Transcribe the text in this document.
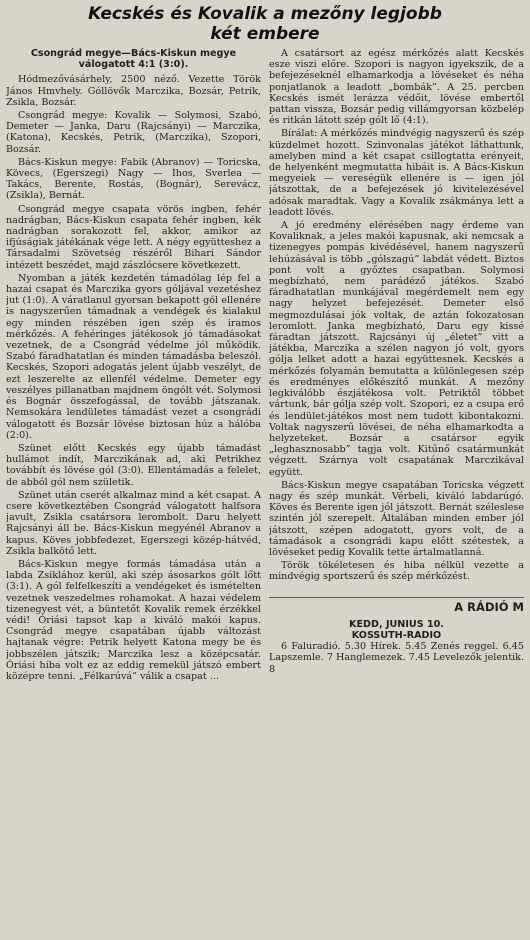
Kecskés és Kovalik a mezőny legjobb
két embere
Csongrád megye—Bács-Kiskun megye
válogatott 4:1 (3:0).

Hódmezővásárhely, 2500 néző. Vezette Török János Hmvhely. Góllövők Marczika, Bozsár, Petrik, Zsikla, Bozsár.

Csongrád megye: Kovalik — Solymosi, Szabó, Demeter — Janka, Daru (Rajcsányi) — Marczika, (Katona), Kecskés, Petrik, (Marczika), Szopori, Bozsár.

Bács-Kiskun megye: Fabik (Abranov) — Toricska, Kövecs, (Egerszegi) Nagy — Ihos, Sverlea — Takács, Berente, Rostás, (Bognár), Serevácz, (Zsikla), Bernát.

Csongrád megye csapata vörös ingben, fehér nadrágban, Bács-Kiskun csapata fehér ingben, kék nadrágban sorakozott fel, akkor, amikor az ifjúságiak játékának vége lett. A négy együtteshez a Társadalmi Szövetség részéről Bihari Sándor intézett beszédet, majd zászlócsere következett.

Nyomban a játék kezdetén támadólag lép fel a hazai csapat és Marczika gyors góljával vezetéshez jut (1:0). A váratlanul gyorsan bekapott gól ellenére is nagyszerűen támadnak a vendégek és kialakul egy minden részében igen szép és iramos mérkőzés. A fehéringes játékosok jó támadásokat vezetnek, de a Csongrád védelme jól működik. Szabó fáradhatatlan és minden támadásba beleszól. Kecskés, Szopori adogatás jelent újabb veszélyt, de ezt leszerelte az ellenfél védelme. Demeter egy veszélyes pillanatban majdnem öngólt vét. Solymosi és Bognár összefogással, de tovább játszanak. Nemsokára lendületes támadást vezet a csongrádi válogatott és Bozsár lövése biztosan húz a hálóba (2:0).

Szünet előtt Kecskés egy újabb támadást hullámot indít, Marczikának ad, aki Petrikhez továbbít és lövése gól (3:0). Ellentámadás a felelet, de abból gól nem születik.

Szünet után cserét alkalmaz mind a két csapat. A csere következtében Csongrád válogatott halfsora javult, Zsikla csatársora lerombolt. Daru helyett Rajcsányi áll be. Bács-Kiskun megyénél Abranov a kapus. Köves jobbfedezet, Egerszegi közép-hátvéd, Zsikla balkötő lett.

Bács-Kiskun megye formás támadása után a labda Zsiklához kerül, aki szép ásosarkos gólt lőtt (3:1). A gól felfelkeszíti a vendégeket és ismételten vezetnek veszedelmes rohamokat. A hazai védelem tizenegyest vét, a büntetőt Kovalik remek érzékkel védi! Óriási tapsot kap a kiváló makói kapus. Csongrád megye csapatában újabb változást hajtanak végre: Petrik helyett Katona megy be és jobbszélen játszik; Marczika lesz a középcsatár. Óriási hiba volt ez az eddig remekül játszó embert középre tenni. „Félkarúvá” válik a csapat ...

A csatársort az egész mérkőzés alatt Kecskés esze viszi előre. Szopori is nagyon igyekszik, de a befejezéseknél elhamarkodja a lövéseket és néha ponjatlanok a leadott „bombák”. A 25. percben Kecskés ismét lerázza védőit, lövése embertől pattan vissza, Bozsár pedig villámgyorsan közbelép és ritkán látott szép gólt lő (4:1).

Bírálat: A mérkőzés mindvégig nagyszerű és szép küzdelmet hozott. Szinvonalas játékot láthattunk, amelyben mind a két csapat csillogtatta erényeit, de helyenként megmutatta hibáit is. A Bács-Kiskun megyeiek — vereségük ellenére is — igen jól játszottak, de a befejezések jó kivitelezésével adósak maradtak. Vagy a Kovalik zsákmánya lett a leadott lövés.

A jó eredmény elérésében nagy érdeme van Kovaliknak, a jeles makói kapusnak, aki nemcsak a tizenegyes pompás kivédésével, hanem nagyszerű lehúzásával is több „gólszagú” labdát védett. Biztos pont volt a győztes csapatban. Solymosi megbízható, nem parádéző játékos. Szabó fáradhatatlan munkájával megérdemelt nem egy nagy helyzet befejezését. Demeter első megmozdulásai jók voltak, de aztán fokozatosan leromlott. Janka megbízható, Daru egy kissé fáradtan játszott. Rajcsányi új „életet” vitt a játékba, Marczika a szélen nagyon jó volt, gyors gólja lelket adott a hazai együttesnek. Kecskés a mérkőzés folyamán bemutatta a különlegesen szép és eredményes előkészítő munkát. A mezőny legkiválóbb észjátékosa volt. Petriktől többet vártunk, bár gólja szép volt. Szopori, ez a csupa erő és lendület-játékos most nem tudott kibontakozni. Voltak nagyszerű lövései, de néha elhamarkodta a helyzeteket. Bozsár a csatársor egyik „leghasznosabb” tagja volt. Kitűnő csatármunkát végzett. Szárnya volt csapatának Marczikával együtt.

Bács-Kiskun megye csapatában Toricska végzett nagy és szép munkát. Vérbeli, kiváló labdarúgó. Köves és Berente igen jól játszott. Bernát széleslese szintén jól szerepelt. Általában minden ember jól játszott, szépen adogatott, gyors volt, de a támadások a csongrádi kapu előtt szétestek, a lövéseket pedig Kovalik tette ártalmatlanná.

Török tökéletesen és hiba nélkül vezette a mindvégig sportszerű és szép mérkőzést.

A RÁDIÓ M
KEDD, JUNIUS 10.
KOSSUTH-RADIO

6 Faluradió. 5.30 Hírek. 5.45 Zenés reggel. 6.45 Lapszemle. 7 Hanglemezek. 7.45 Levelezők jelentik. 8
